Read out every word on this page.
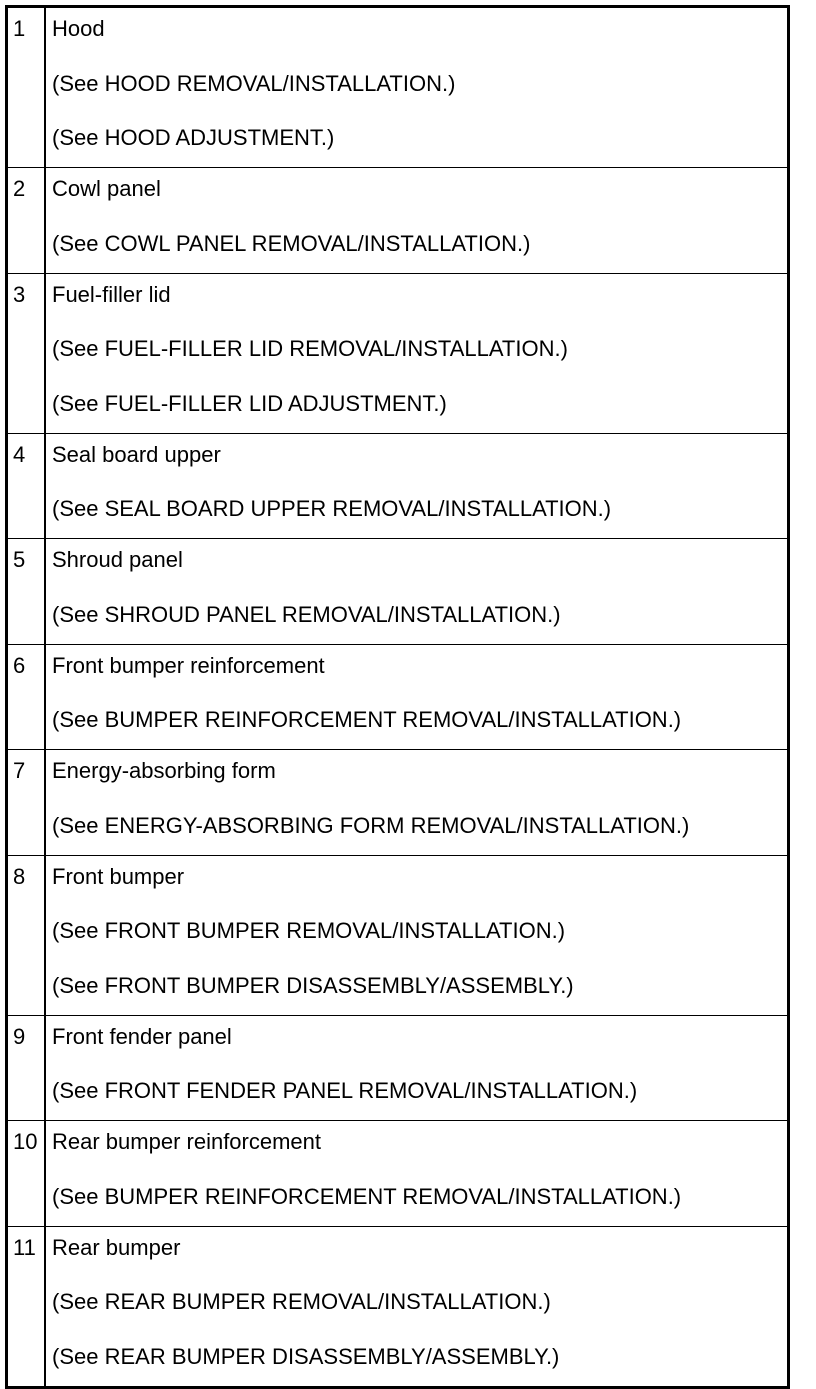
1	Hood
(See HOOD REMOVAL/INSTALLATION.)
(See HOOD ADJUSTMENT.)
2	Cowl panel
(See COWL PANEL REMOVAL/INSTALLATION.)
3	Fuel-filler lid
(See FUEL-FILLER LID REMOVAL/INSTALLATION.)
(See FUEL-FILLER LID ADJUSTMENT.)
4	Seal board upper
(See SEAL BOARD UPPER REMOVAL/INSTALLATION.)
5	Shroud panel
(See SHROUD PANEL REMOVAL/INSTALLATION.)
6	Front bumper reinforcement
(See BUMPER REINFORCEMENT REMOVAL/INSTALLATION.)
7	Energy-absorbing form
(See ENERGY-ABSORBING FORM REMOVAL/INSTALLATION.)
8	Front bumper
(See FRONT BUMPER REMOVAL/INSTALLATION.)
(See FRONT BUMPER DISASSEMBLY/ASSEMBLY.)
9	Front fender panel
(See FRONT FENDER PANEL REMOVAL/INSTALLATION.)
10 Rear bumper reinforcement
(See BUMPER REINFORCEMENT REMOVAL/INSTALLATION.)
11 Rear bumper
(See REAR BUMPER REMOVAL/INSTALLATION.)
(See REAR BUMPER DISASSEMBLY/ASSEMBLY.)
